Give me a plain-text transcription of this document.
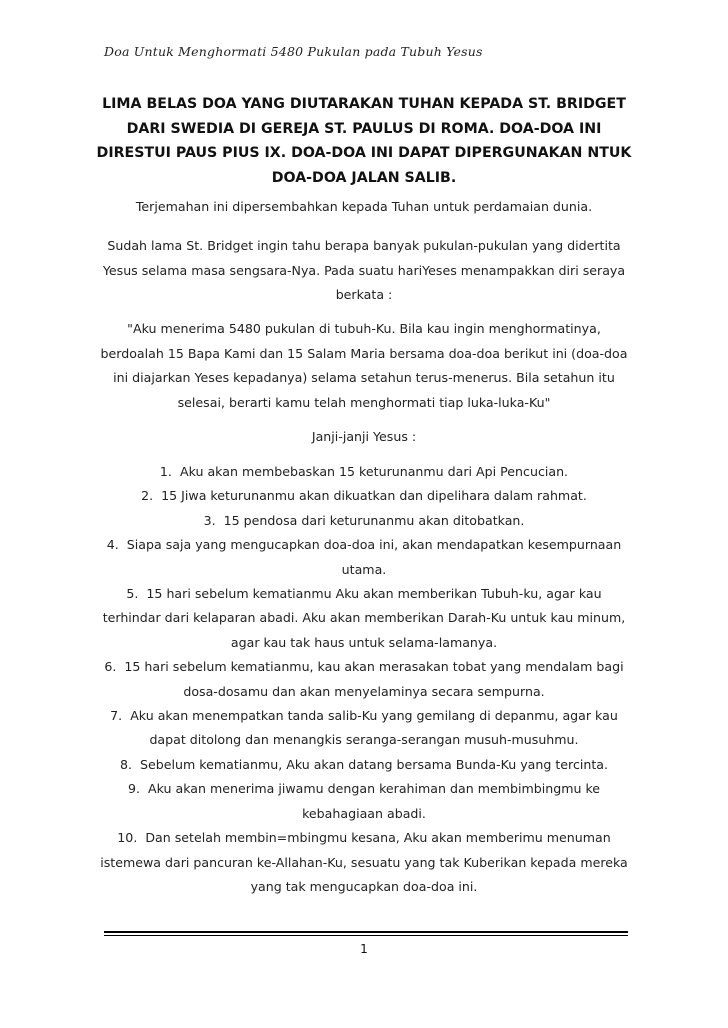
Doa Untuk Menghormati 5480 Pukulan pada Tubuh Yesus
LIMA BELAS DOA YANG DIUTARAKAN TUHAN KEPADA ST. BRIDGET DARI SWEDIA DI GEREJA ST. PAULUS DI ROMA. DOA-DOA INI DIRESTUI PAUS PIUS IX. DOA-DOA INI DAPAT DIPERGUNAKAN NTUK DOA-DOA JALAN SALIB.
Terjemahan ini dipersembahkan kepada Tuhan untuk perdamaian dunia.
Sudah lama St. Bridget ingin tahu berapa banyak pukulan-pukulan yang didertita Yesus selama masa sengsara-Nya. Pada suatu hariYeses menampakkan diri seraya berkata :
"Aku menerima 5480 pukulan di tubuh-Ku. Bila kau ingin menghormatinya, berdoalah 15 Bapa Kami dan 15 Salam Maria bersama doa-doa berikut ini (doa-doa ini diajarkan Yeses kepadanya) selama setahun terus-menerus. Bila setahun itu selesai, berarti kamu telah menghormati tiap luka-luka-Ku"
Janji-janji Yesus :

1. Aku akan membebaskan 15 keturunanmu dari Api Pencucian.

2. 15 Jiwa keturunanmu akan dikuatkan dan dipelihara dalam rahmat.

3. 15 pendosa dari keturunanmu akan ditobatkan.

4. Siapa saja yang mengucapkan doa-doa ini, akan mendapatkan kesempurnaan utama.

5. 15 hari sebelum kematianmu Aku akan memberikan Tubuh-ku, agar kau terhindar dari kelaparan abadi. Aku akan memberikan Darah-Ku untuk kau minum, agar kau tak haus untuk selama-lamanya.

6. 15 hari sebelum kematianmu, kau akan merasakan tobat yang mendalam bagi dosa-dosamu dan akan menyelaminya secara sempurna.

7. Aku akan menempatkan tanda salib-Ku yang gemilang di depanmu, agar kau dapat ditolong dan menangkis seranga-serangan musuh-musuhmu.

8. Sebelum kematianmu, Aku akan datang bersama Bunda-Ku yang tercinta.

9. Aku akan menerima jiwamu dengan kerahiman dan membimbingmu ke kebahagiaan abadi.

10. Dan setelah membin=mbingmu kesana, Aku akan memberimu menuman istemewa dari pancuran ke-Allahan-Ku, sesuatu yang tak Kuberikan kepada mereka yang tak mengucapkan doa-doa ini.

1
